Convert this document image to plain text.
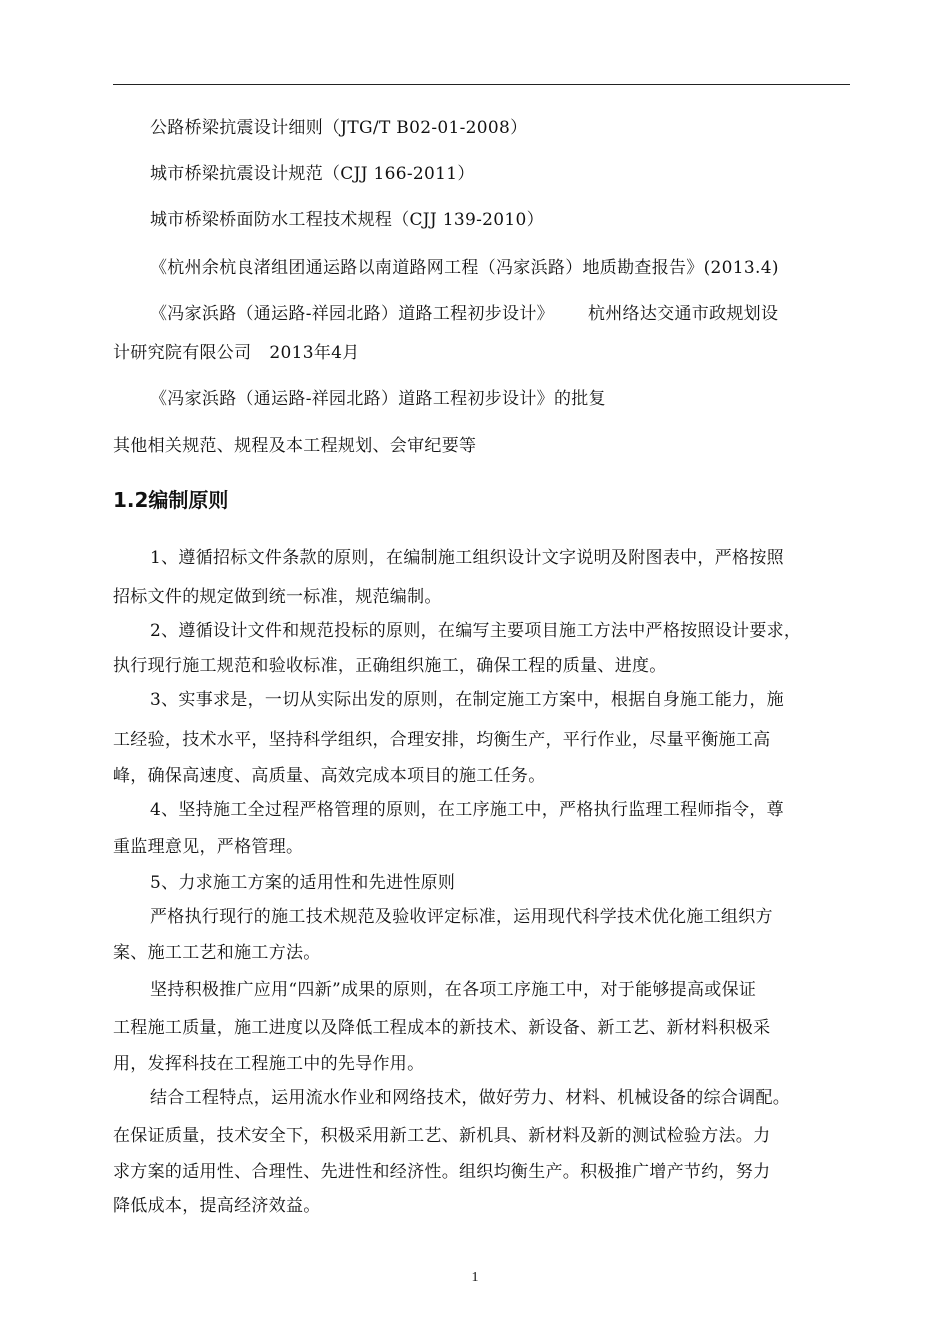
公路桥梁抗震设计细则（JTG/T B02-01-2008）
城市桥梁抗震设计规范（CJJ 166-2011）
城市桥梁桥面防水工程技术规程（CJJ 139-2010）
《杭州余杭良渚组团通运路以南道路网工程（冯家浜路）地质勘查报告》(2013.4)
《冯家浜路（通运路-祥园北路）道路工程初步设计》 杭州络达交通市政规划设
计研究院有限公司 2013年4月
《冯家浜路（通运路-祥园北路）道路工程初步设计》的批复
其他相关规范、规程及本工程规划、会审纪要等
1.2编制原则
1、遵循招标文件条款的原则，在编制施工组织设计文字说明及附图表中，严格按照
招标文件的规定做到统一标准，规范编制。
2、遵循设计文件和规范投标的原则，在编写主要项目施工方法中严格按照设计要求，
执行现行施工规范和验收标准，正确组织施工，确保工程的质量、进度。
3、实事求是，一切从实际出发的原则，在制定施工方案中，根据自身施工能力，施
工经验，技术水平，坚持科学组织，合理安排，均衡生产，平行作业，尽量平衡施工高
峰，确保高速度、高质量、高效完成本项目的施工任务。
4、坚持施工全过程严格管理的原则，在工序施工中，严格执行监理工程师指令，尊
重监理意见，严格管理。
5、力求施工方案的适用性和先进性原则
严格执行现行的施工技术规范及验收评定标准，运用现代科学技术优化施工组织方
案、施工工艺和施工方法。
坚持积极推广应用“四新”成果的原则，在各项工序施工中，对于能够提高或保证
工程施工质量，施工进度以及降低工程成本的新技术、新设备、新工艺、新材料积极采
用，发挥科技在工程施工中的先导作用。
结合工程特点，运用流水作业和网络技术，做好劳力、材料、机械设备的综合调配。
在保证质量，技术安全下，积极采用新工艺、新机具、新材料及新的测试检验方法。力
求方案的适用性、合理性、先进性和经济性。组织均衡生产。积极推广增产节约，努力
降低成本，提高经济效益。
1
